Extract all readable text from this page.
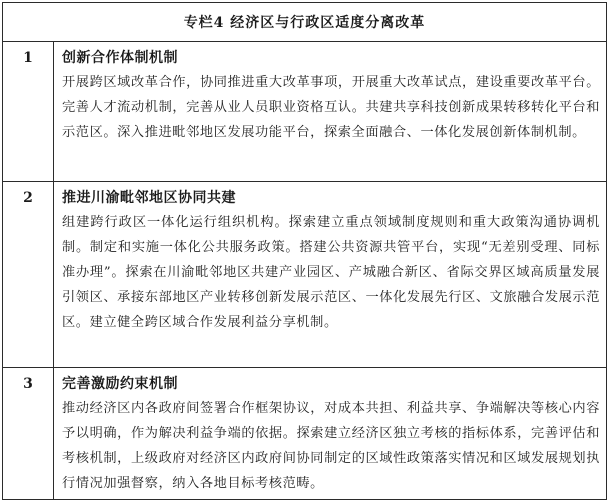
专栏4 经济区与行政区适度分离改革
1	创新合作体制机制
开展跨区域改革合作，协同推进重大改革事项，开展重大改革试点，建设重要改革平台。完善人才流动机制，完善从业人员职业资格互认。共建共享科技创新成果转移转化平台和示范区。深入推进毗邻地区发展功能平台，探索全面融合、一体化发展创新体制机制。
2	推进川渝毗邻地区协同共建
组建跨行政区一体化运行组织机构。探索建立重点领域制度规则和重大政策沟通协调机制。制定和实施一体化公共服务政策。搭建公共资源共管平台，实现“无差别受理、同标准办理”。探索在川渝毗邻地区共建产业园区、产城融合新区、省际交界区域高质量发展引领区、承接东部地区产业转移创新发展示范区、一体化发展先行区、文旅融合发展示范区。建立健全跨区域合作发展利益分享机制。
3	完善激励约束机制
推动经济区内各政府间签署合作框架协议，对成本共担、利益共享、争端解决等核心内容予以明确，作为解决利益争端的依据。探索建立经济区独立考核的指标体系，完善评估和考核机制，上级政府对经济区内政府间协同制定的区域性政策落实情况和区域发展规划执行情况加强督察，纳入各地目标考核范畴。
